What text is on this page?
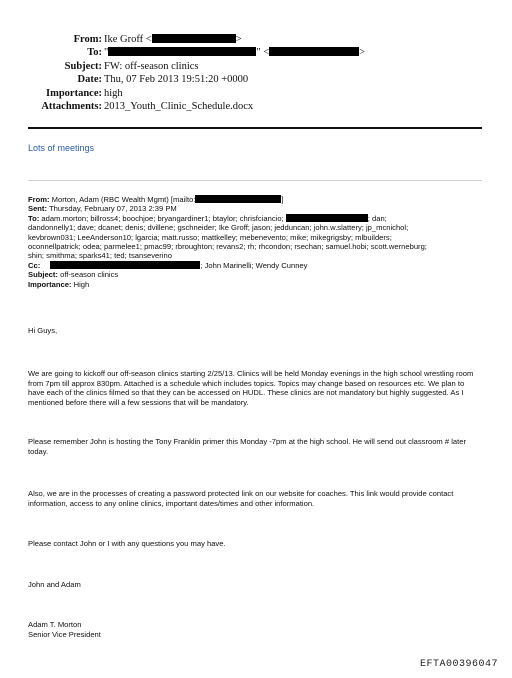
From: Ike Groff <	>
To: "	" <	>
Subject: FW: off-season clinics
Date: Thu, 07 Feb 2013 19:51:20 +0000
Importance: high
Attachments: 2013_Youth_Clinic_Schedule.docx
Lots of meetings
From: Morton, Adam (RBC Wealth Mgmt) [mailto:	]
Sent: Thursday, February 07, 2013 2:39 PM
To: adam.morton; billross4; boochjoe; bryangardiner1; btaylor; chrisfciancio;	; dan;
dandonnelly1; dave; dcanet; denis; dvillene; gschneider; Ike Groff; jason; jedduncan; john.w.slattery; jp_mcnichol;
kevbrown031; LeeAnderson10; lgarcia; matt.russo; mattkelley; mebenevento; mike; mikegrigsby; mlbuilders;
oconnellpatrick; odea; parmelee1; pmac99; rbroughton; revans2; rh; rhcondon; rsechan; samuel.hobi; scott.werneburg;
shin; smithma; sparks41; ted; tsanseverino
Cc:	; John Marinelli; Wendy Cunney
Subject: off-season clinics
Importance: High
Hi Guys,
We are going to kickoff our off-season clinics starting 2/25/13. Clinics will be held Monday evenings in the high school wrestling room from 7pm till approx 830pm. Attached is a schedule which includes topics. Topics may change based on resources etc. We plan to have each of the clinics filmed so that they can be accessed on HUDL. These clinics are not mandatory but highly suggested. As I mentioned before there will a few sessions that will be mandatory.
Please remember John is hosting the Tony Franklin primer this Monday -7pm at the high school. He will send out classroom # later today.
Also, we are in the processes of creating a password protected link on our website for coaches. This link would provide contact information, access to any online clinics, important dates/times and other information.
Please contact John or I with any questions you may have.
John and Adam
Adam T. Morton
Senior Vice President
EFTA00396047
